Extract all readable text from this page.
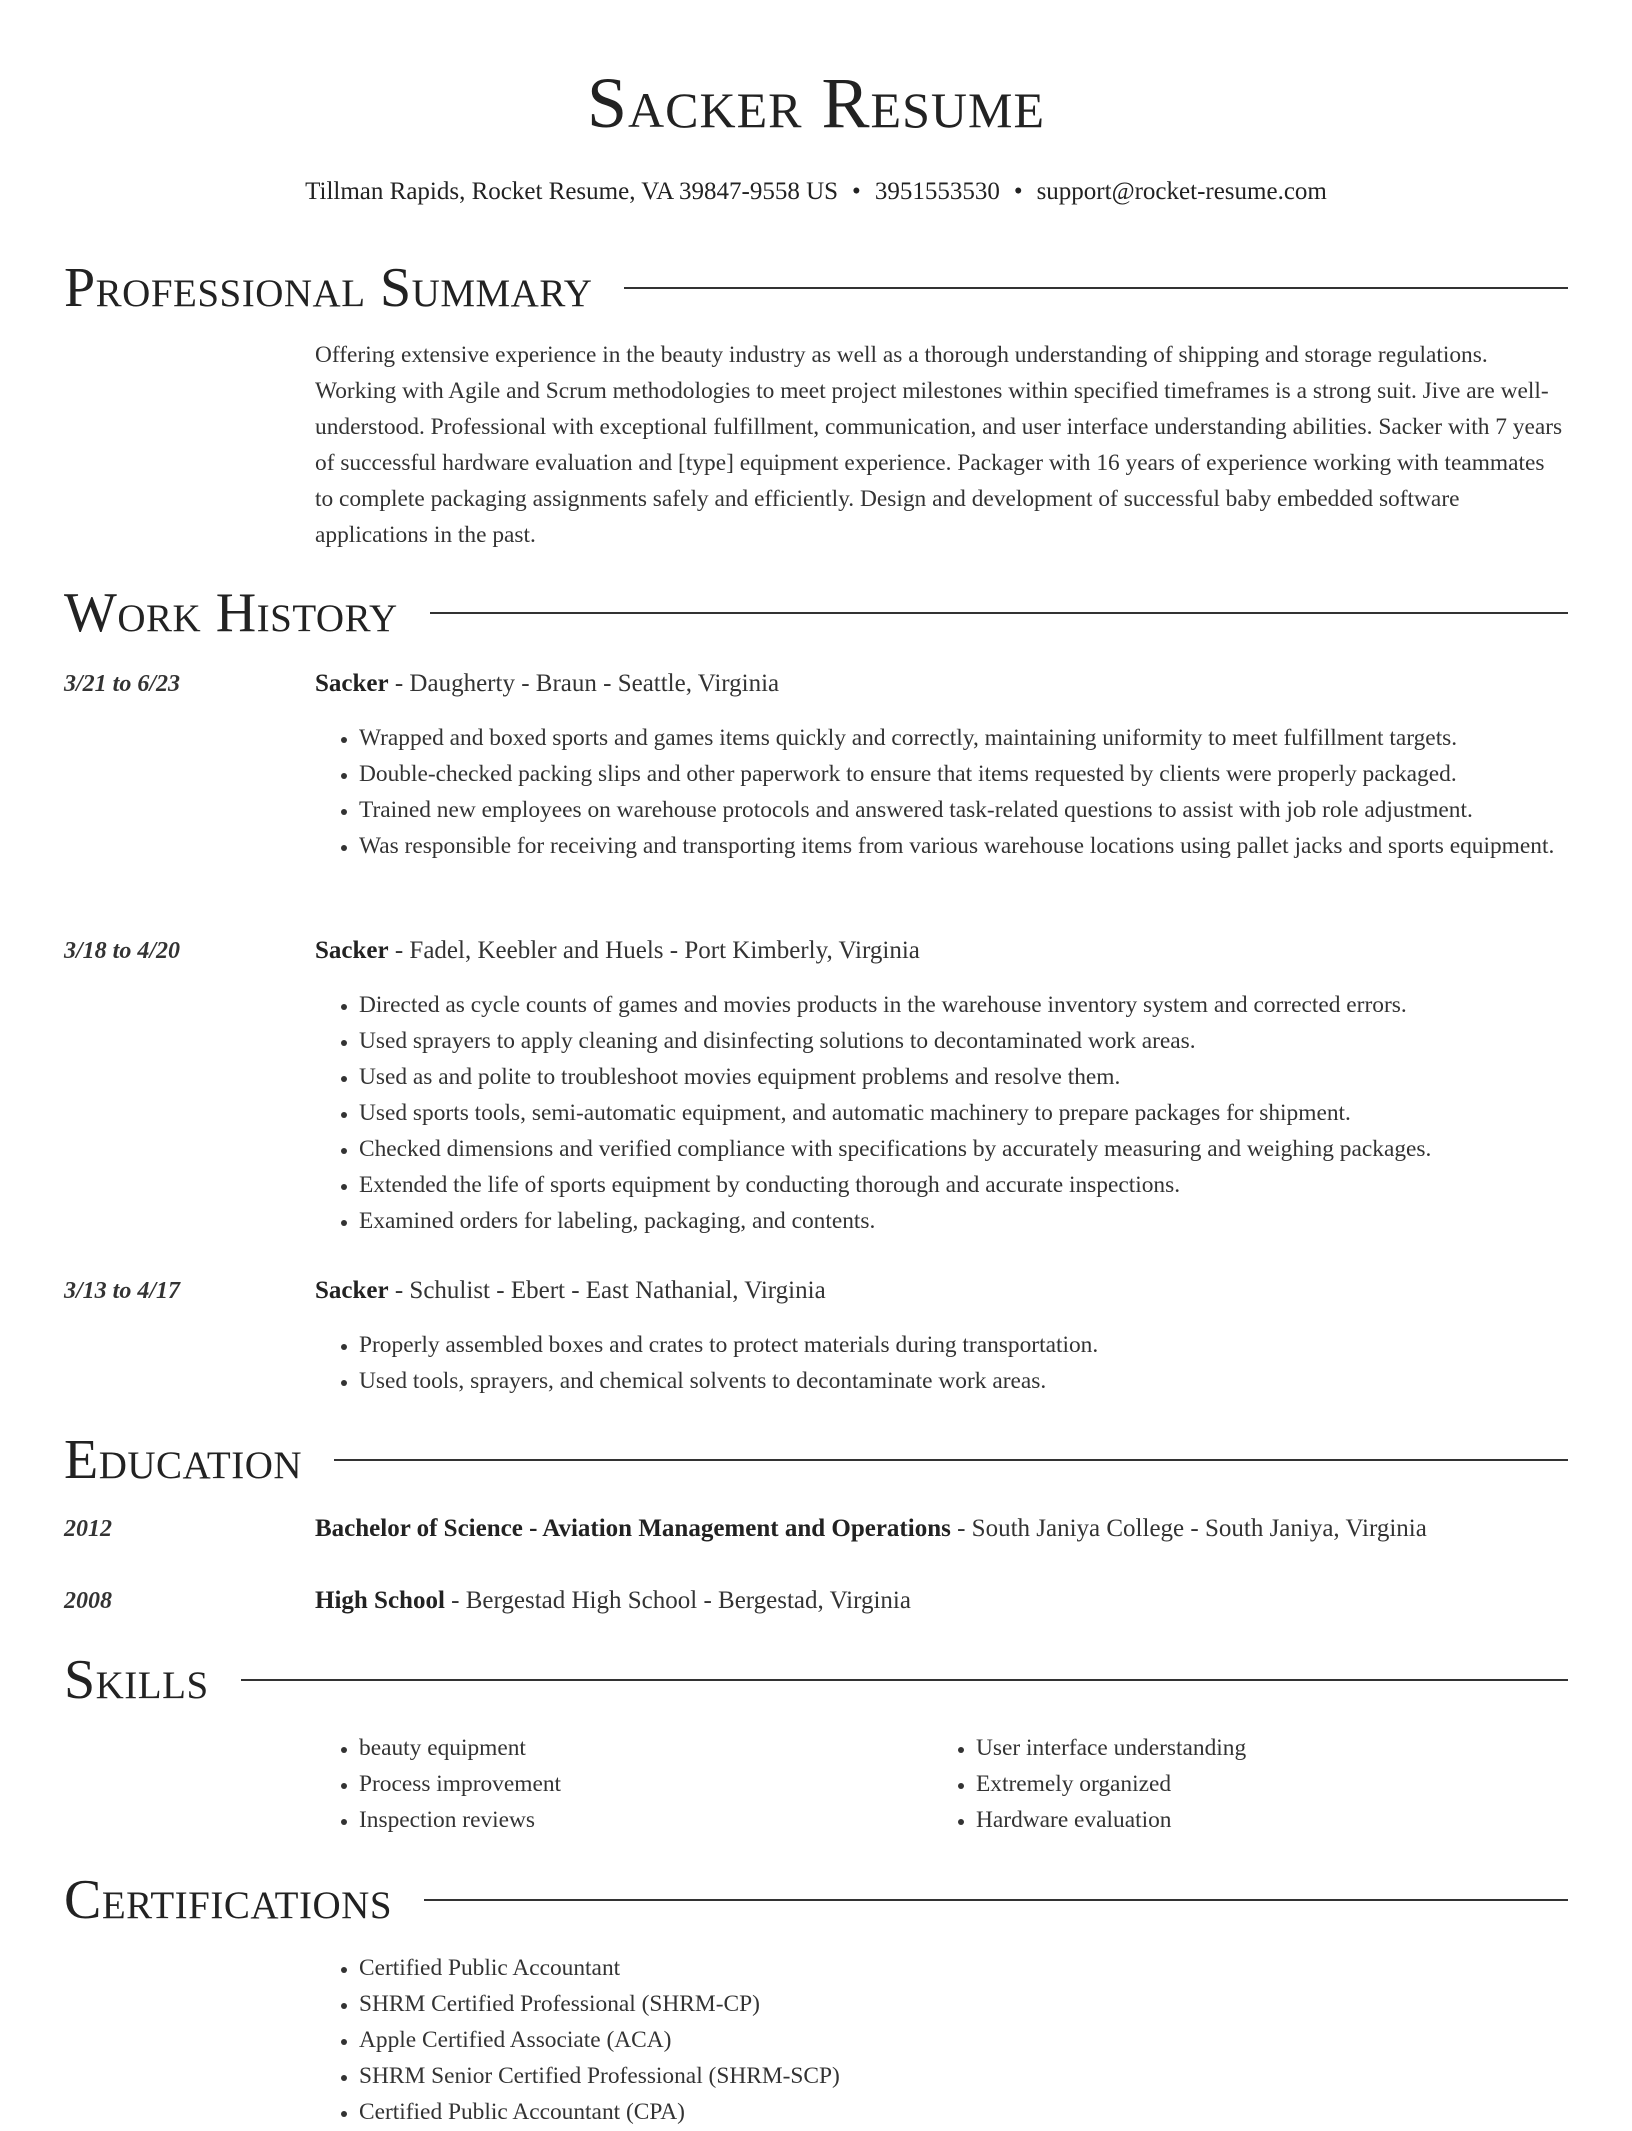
Sacker Resume
Tillman Rapids, Rocket Resume, VA 39847-9558 US • 3951553530 • support@rocket-resume.com
Professional Summary
Offering extensive experience in the beauty industry as well as a thorough understanding of shipping and storage regulations. Working with Agile and Scrum methodologies to meet project milestones within specified timeframes is a strong suit. Jive are well-understood. Professional with exceptional fulfillment, communication, and user interface understanding abilities. Sacker with 7 years of successful hardware evaluation and [type] equipment experience. Packager with 16 years of experience working with teammates to complete packaging assignments safely and efficiently. Design and development of successful baby embedded software applications in the past.
Work History
3/21 to 6/23	Sacker - Daugherty - Braun - Seattle, Virginia
• Wrapped and boxed sports and games items quickly and correctly, maintaining uniformity to meet fulfillment targets.
• Double-checked packing slips and other paperwork to ensure that items requested by clients were properly packaged.
• Trained new employees on warehouse protocols and answered task-related questions to assist with job role adjustment.
• Was responsible for receiving and transporting items from various warehouse locations using pallet jacks and sports equipment.
3/18 to 4/20	Sacker - Fadel, Keebler and Huels - Port Kimberly, Virginia
• Directed as cycle counts of games and movies products in the warehouse inventory system and corrected errors.
• Used sprayers to apply cleaning and disinfecting solutions to decontaminated work areas.
• Used as and polite to troubleshoot movies equipment problems and resolve them.
• Used sports tools, semi-automatic equipment, and automatic machinery to prepare packages for shipment.
• Checked dimensions and verified compliance with specifications by accurately measuring and weighing packages.
• Extended the life of sports equipment by conducting thorough and accurate inspections.
• Examined orders for labeling, packaging, and contents.
3/13 to 4/17	Sacker - Schulist - Ebert - East Nathanial, Virginia
• Properly assembled boxes and crates to protect materials during transportation.
• Used tools, sprayers, and chemical solvents to decontaminate work areas.
Education
2012	Bachelor of Science - Aviation Management and Operations - South Janiya College - South Janiya, Virginia
2008	High School - Bergestad High School - Bergestad, Virginia
Skills
• beauty equipment
• Process improvement
• Inspection reviews
• User interface understanding
• Extremely organized
• Hardware evaluation
Certifications
• Certified Public Accountant
• SHRM Certified Professional (SHRM-CP)
• Apple Certified Associate (ACA)
• SHRM Senior Certified Professional (SHRM-SCP)
• Certified Public Accountant (CPA)
